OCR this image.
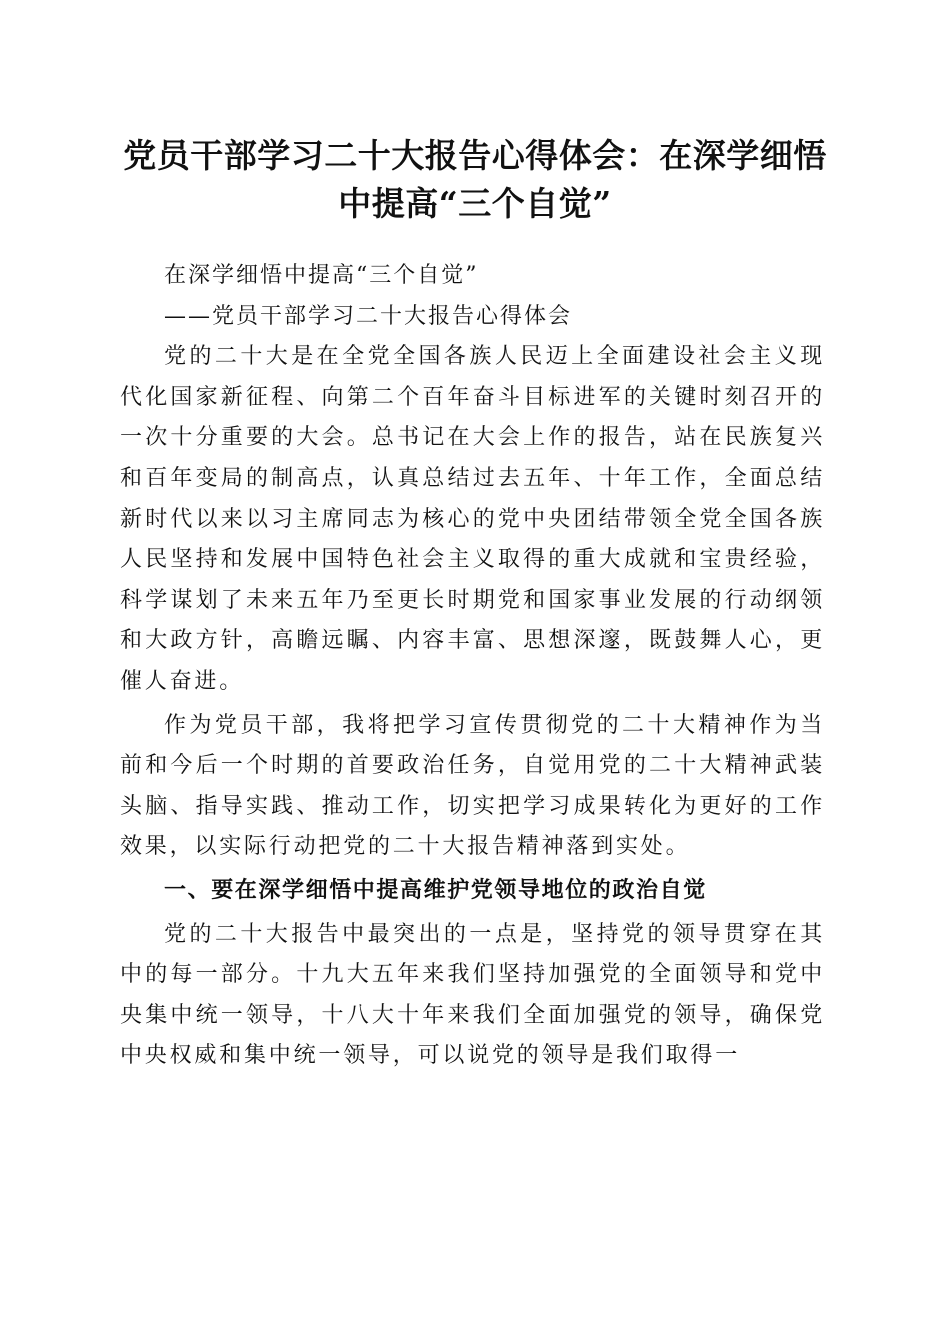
党员干部学习二十大报告心得体会：在深学细悟中提高“三个自觉”

在深学细悟中提高“三个自觉”

——党员干部学习二十大报告心得体会

党的二十大是在全党全国各族人民迈上全面建设社会主义现代化国家新征程、向第二个百年奋斗目标进军的关键时刻召开的一次十分重要的大会。总书记在大会上作的报告，站在民族复兴和百年变局的制高点，认真总结过去五年、十年工作，全面总结新时代以来以习主席同志为核心的党中央团结带领全党全国各族人民坚持和发展中国特色社会主义取得的重大成就和宝贵经验，科学谋划了未来五年乃至更长时期党和国家事业发展的行动纲领和大政方针，高瞻远瞩、内容丰富、思想深邃，既鼓舞人心，更催人奋进。

作为党员干部，我将把学习宣传贯彻党的二十大精神作为当前和今后一个时期的首要政治任务，自觉用党的二十大精神武装头脑、指导实践、推动工作，切实把学习成果转化为更好的工作效果，以实际行动把党的二十大报告精神落到实处。

一、要在深学细悟中提高维护党领导地位的政治自觉

党的二十大报告中最突出的一点是，坚持党的领导贯穿在其中的每一部分。十九大五年来我们坚持加强党的全面领导和党中央集中统一领导，十八大十年来我们全面加强党的领导，确保党中央权威和集中统一领导，可以说党的领导是我们取得一
